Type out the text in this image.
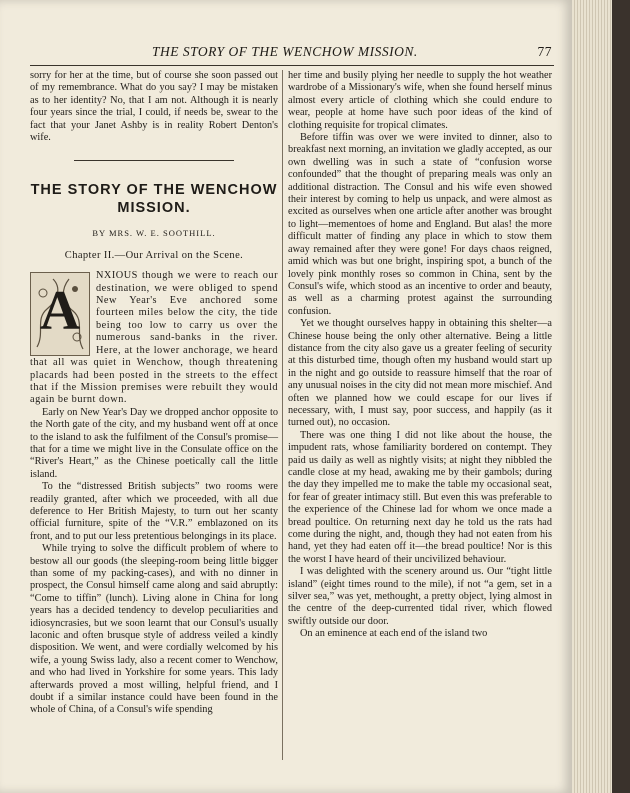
THE STORY OF THE WENCHOW MISSION.	77

sorry for her at the time, but of course she soon passed out of my remembrance. What do you say? I may be mistaken as to her identity? No, that I am not. Although it is nearly four years since the trial, I could, if needs be, swear to the fact that your Janet Ashby is in reality Robert Denton's wife.

THE STORY OF THE WENCHOW
MISSION.
BY MRS. W. E. SOOTHILL.
Chapter II.—Our Arrival on the Scene.
A

NXIOUS though we were to reach our destination, we were obliged to spend New Year's Eve anchored some fourteen miles below the city, the tide being too low to carry us over the numerous sand-banks in the river. Here, at the lower anchorage, we heard that all was quiet in Wenchow, though threatening placards had been posted in the streets to the effect that if the Mission premises were rebuilt they would again be burnt down.

Early on New Year's Day we dropped anchor opposite to the North gate of the city, and my husband went off at once to the island to ask the fulfilment of the Consul's promise—that for a time we might live in the Consulate office on the “River's Heart,” as the Chinese poetically call the little island.

To the “distressed British subjects” two rooms were readily granted, after which we proceeded, with all due deference to Her British Majesty, to turn out her scanty official furniture, spite of the “V.R.” emblazoned on its front, and to put our less pretentious belongings in its place.

While trying to solve the difficult problem of where to bestow all our goods (the sleeping-room being little bigger than some of my packing-cases), and with no dinner in prospect, the Consul himself came along and said abruptly: “Come to tiffin” (lunch). Living alone in China for long years has a decided tendency to develop peculiarities and idiosyncrasies, but we soon learnt that our Consul's usually laconic and often brusque style of address veiled a kindly disposition. We went, and were cordially welcomed by his wife, a young Swiss lady, also a recent comer to Wenchow, and who had lived in Yorkshire for some years. This lady afterwards proved a most willing, helpful friend, and I doubt if a similar instance could have been found in the whole of China, of a Consul's wife spending

her time and busily plying her needle to supply the hot weather wardrobe of a Missionary's wife, when she found herself minus almost every article of clothing which she could endure to wear, people at home have such poor ideas of the kind of clothing requisite for tropical climates.

Before tiffin was over we were invited to dinner, also to breakfast next morning, an invitation we gladly accepted, as our own dwelling was in such a state of “confusion worse confounded” that the thought of preparing meals was only an additional distraction. The Consul and his wife even showed their interest by coming to help us unpack, and were almost as excited as ourselves when one article after another was brought to light—mementoes of home and England. But alas! the more difficult matter of finding any place in which to stow them away remained after they were gone! For days chaos reigned, amid which was but one bright, inspiring spot, a bunch of the lovely pink monthly roses so common in China, sent by the Consul's wife, which stood as an incentive to order and beauty, as well as a charming protest against the surrounding confusion.

Yet we thought ourselves happy in obtaining this shelter—a Chinese house being the only other alternative. Being a little distance from the city also gave us a greater feeling of security at this disturbed time, though often my husband would start up in the night and go outside to reassure himself that the roar of any unusual noises in the city did not mean more mischief. And often we planned how we could escape for our lives if necessary, with, I must say, poor success, and happily (as it turned out), no occasion.

There was one thing I did not like about the house, the impudent rats, whose familiarity bordered on contempt. They paid us daily as well as nightly visits; at night they nibbled the candle close at my head, awaking me by their gambols; during the day they impelled me to make the table my occasional seat, for fear of greater intimacy still. But even this was preferable to the experience of the Chinese lad for whom we once made a bread poultice. On returning next day he told us the rats had come during the night, and, though they had not eaten from his hand, yet they had eaten off it—the bread poultice! Nor is this the worst I have heard of their uncivilized behaviour.

I was delighted with the scenery around us. Our “tight little island” (eight times round to the mile), if not “a gem, set in a silver sea,” was yet, methought, a pretty object, lying almost in the centre of the deep-currented tidal river, which flowed swiftly outside our door.

On an eminence at each end of the island two
